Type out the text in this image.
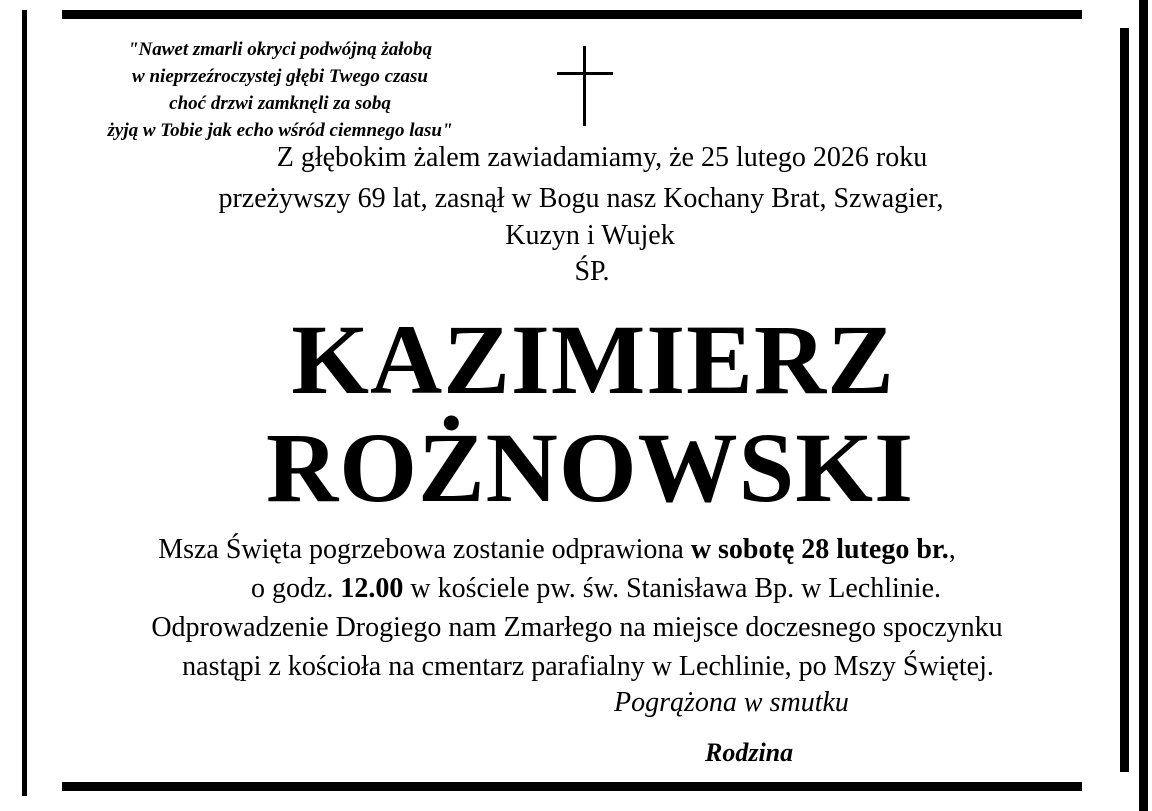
"Nawet zmarli okryci podwójną żałobą
w nieprzeźroczystej głębi Twego czasu
choć drzwi zamknęli za sobą
żyją w Tobie jak echo wśród ciemnego lasu"
Z głębokim żalem zawiadamiamy, że 25 lutego 2026 roku
przeżywszy 69 lat, zasnął w Bogu nasz Kochany Brat, Szwagier,
Kuzyn i Wujek
ŚP.
KAZIMIERZ
ROŻNOWSKI
Msza Święta pogrzebowa zostanie odprawiona w sobotę 28 lutego br.,
o godz. 12.00 w kościele pw. św. Stanisława Bp. w Lechlinie.
Odprowadzenie Drogiego nam Zmarłego na miejsce doczesnego spoczynku
nastąpi z kościoła na cmentarz parafialny w Lechlinie, po Mszy Świętej.
Pogrążona w smutku
Rodzina
